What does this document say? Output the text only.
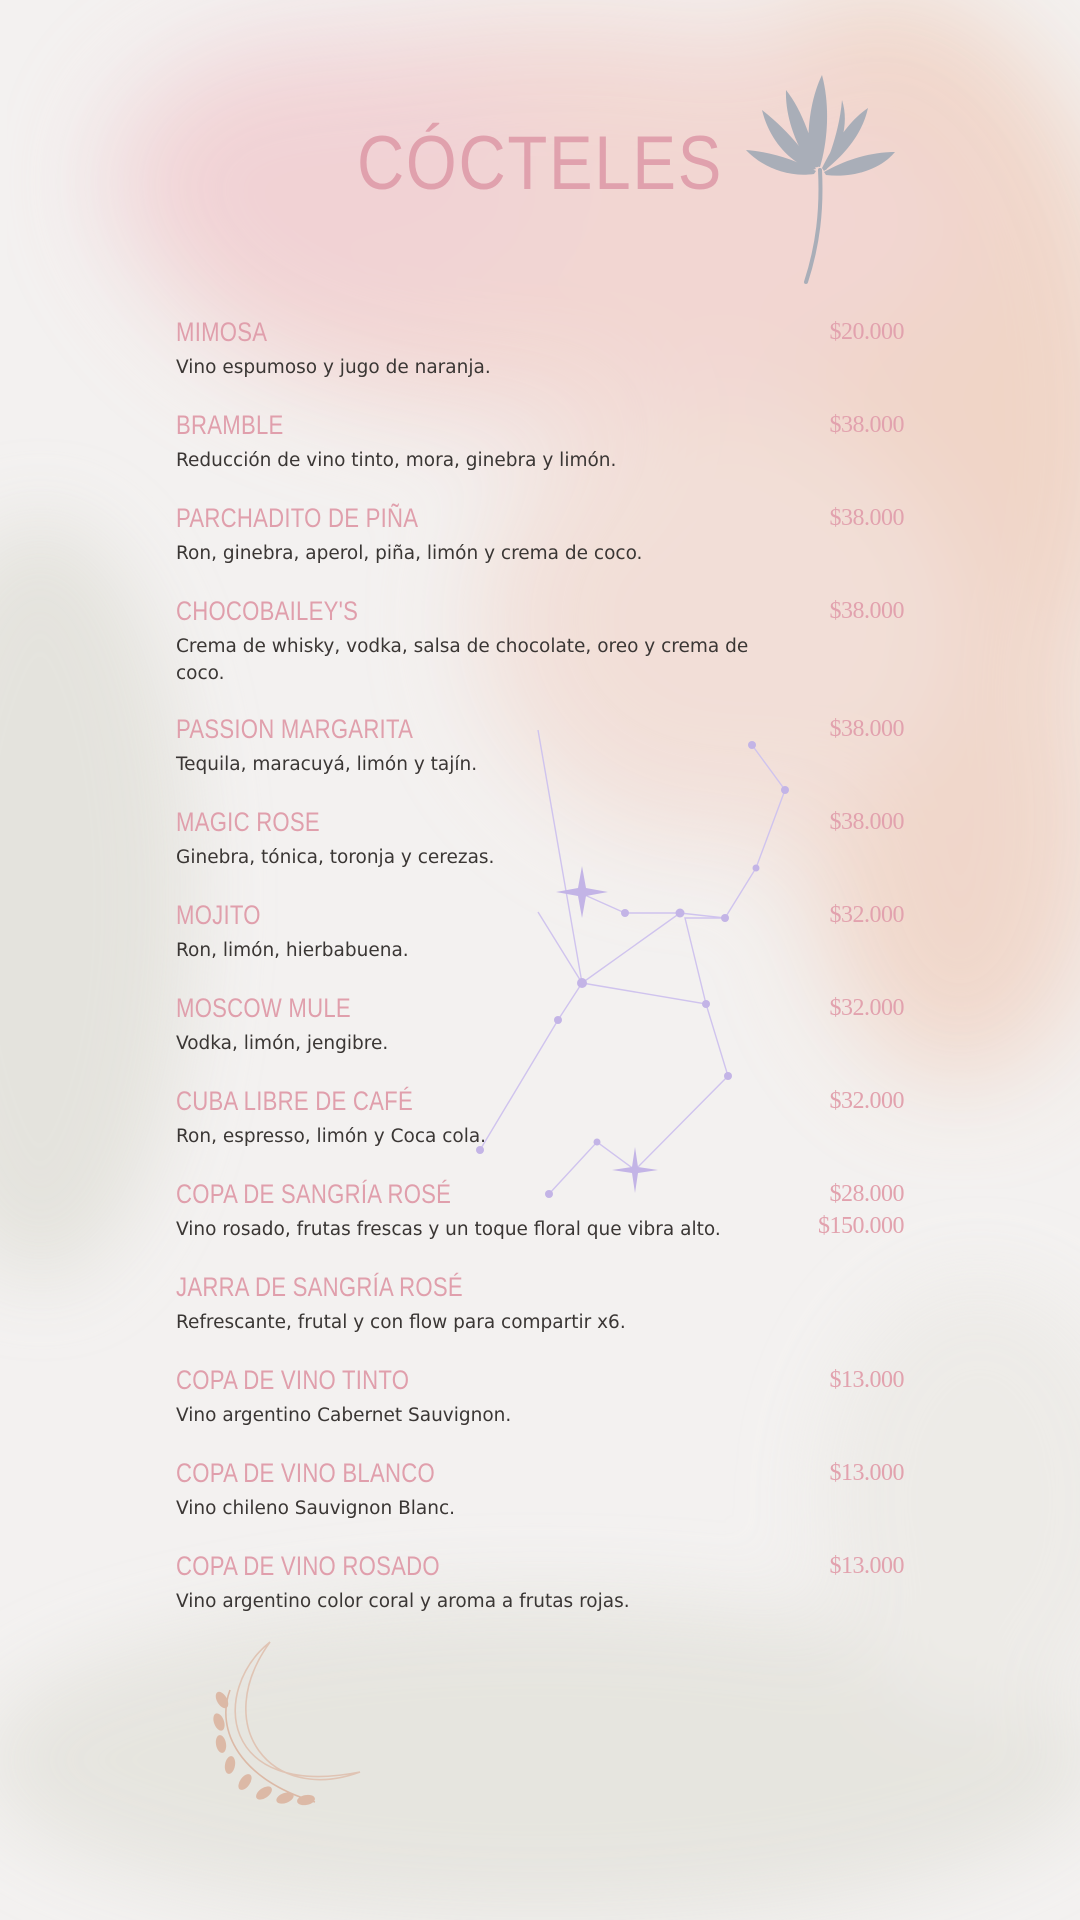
CÓCTELES
MIMOSA	$20.000
Vino espumoso y jugo de naranja.
BRAMBLE	$38.000
Reducción de vino tinto, mora, ginebra y limón.
PARCHADITO DE PIÑA	$38.000
Ron, ginebra, aperol, piña, limón y crema de coco.
CHOCOBAILEY'S	$38.000
Crema de whisky, vodka, salsa de chocolate, oreo y crema de coco.
PASSION MARGARITA	$38.000
Tequila, maracuyá, limón y tajín.
MAGIC ROSE	$38.000
Ginebra, tónica, toronja y cerezas.
MOJITO	$32.000
Ron, limón, hierbabuena.
MOSCOW MULE	$32.000
Vodka, limón, jengibre.
CUBA LIBRE DE CAFÉ	$32.000
Ron, espresso, limón y Coca cola.
COPA DE SANGRÍA ROSÉ	$28.000
$150.000
Vino rosado, frutas frescas y un toque floral que vibra alto.
JARRA DE SANGRÍA ROSÉ
Refrescante, frutal y con flow para compartir x6.
COPA DE VINO TINTO	$13.000
Vino argentino Cabernet Sauvignon.
COPA DE VINO BLANCO	$13.000
Vino chileno Sauvignon Blanc.
COPA DE VINO ROSADO	$13.000
Vino argentino color coral y aroma a frutas rojas.
